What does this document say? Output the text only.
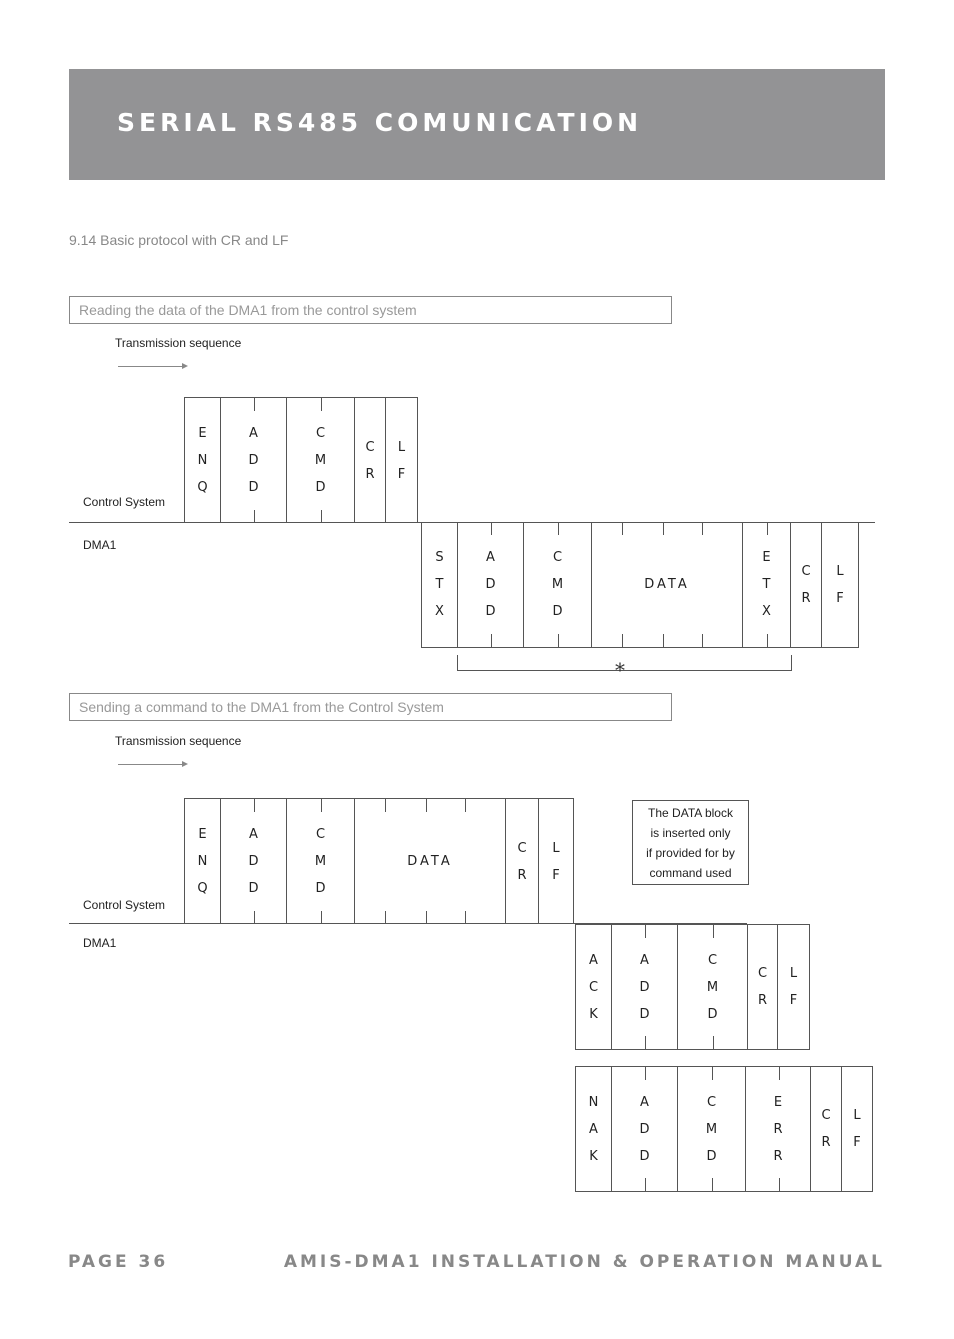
SERIAL RS485 COMUNICATION
9.14 Basic protocol with CR and LF
Reading the data of the DMA1 from the control system
Transmission sequence
Control System
DMA1
E
N
Q
A
D
D
C
M
D
C
R
L
F
S
T
X
A
D
D
C
M
D
DATA
E
T
X
C
R
L
F
*
Sending a command to the DMA1 from the Control System
Transmission sequence
Control System
DMA1
E
N
Q
A
D
D
C
M
D
DATA
C
R
L
F
A
C
K
A
D
D
C
M
D
C
R
L
F
N
A
K
A
D
D
C
M
D
E
R
R
C
R
L
F
The DATA block
is inserted only
if provided for by
command used
PAGE 36	AMIS-DMA1 INSTALLATION & OPERATION MANUAL
